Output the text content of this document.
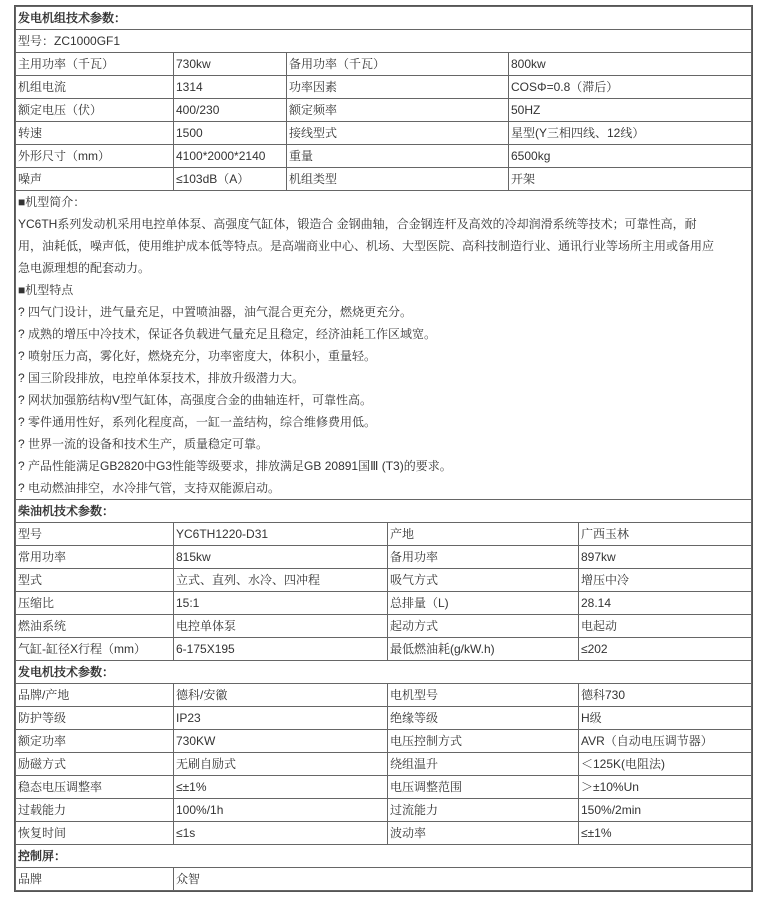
发电机组技术参数：			
型号：ZC1000GF1			
主用功率（千瓦）	730kw	备用功率（千瓦）	800kw
机组电流	1314	功率因素	COSΦ=0.8（滞后）
额定电压（伏）	400/230	额定频率	50HZ
转速	1500	接线型式	星型(Y三相四线、12线）
外形尺寸（mm）	4100*2000*2140	重量	6500kg
噪声	≤103dB（A）	机组类型	开架
■机型简介：
YC6TH系列发动机采用电控单体泵、高强度气缸体，锻造合 金钢曲轴，合金钢连杆及高效的冷却润滑系统等技术；可靠性高，耐
用，油耗低，噪声低，使用维护成本低等特点。是高端商业中心、机场、大型医院、高科技制造行业、通讯行业等场所主用或备用应
急电源理想的配套动力。
■机型特点
? 四气门设计，进气量充足，中置喷油器，油气混合更充分，燃烧更充分。
? 成熟的增压中冷技术，保证各负载进气量充足且稳定，经济油耗工作区域宽。
? 喷射压力高，雾化好，燃烧充分，功率密度大，体积小，重量轻。
? 国三阶段排放，电控单体泵技术，排放升级潜力大。
? 网状加强筋结构V型气缸体，高强度合金的曲轴连杆，可靠性高。
? 零件通用性好，系列化程度高，一缸一盖结构，综合维修费用低。
? 世界一流的设备和技术生产，质量稳定可靠。
? 产品性能满足GB2820中G3性能等级要求，排放满足GB 20891国Ⅲ (T3)的要求。
? 电动燃油排空，水冷排气管，支持双能源启动。
柴油机技术参数：			
型号	YC6TH1220-D31	产地	广西玉林
常用功率	815kw	备用功率	897kw
型式	立式、直列、水冷、四冲程	吸气方式	增压中冷
压缩比	15:1	总排量（L)	28.14
燃油系统	电控单体泵	起动方式	电起动
气缸-缸径X行程（mm）	6-175X195	最低燃油耗(g/kW.h)	≤202
发电机技术参数：			
品牌/产地	德科/安徽	电机型号	德科730
防护等级	IP23	绝缘等级	H级
额定功率	730KW	电压控制方式	AVR（自动电压调节器）
励磁方式	无刷自励式	绕组温升	＜125K(电阻法)
稳态电压调整率	≤±1%	电压调整范围	＞±10%Un
过载能力	100%/1h	过流能力	150%/2min
恢复时间	≤1s	波动率	≤±1%
控制屏：			
品牌	众智		
